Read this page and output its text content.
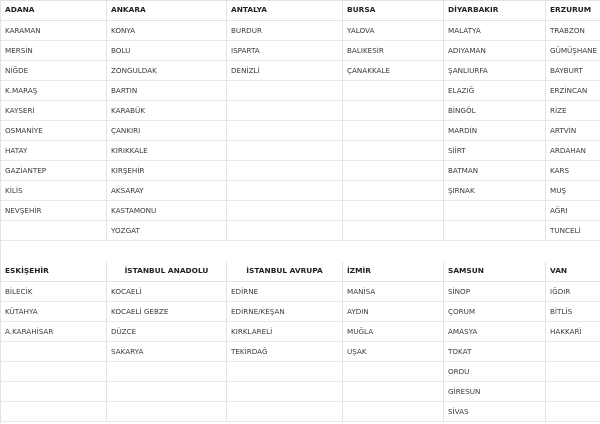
ADANA
KARAMAN
MERSİN
NİĞDE
K.MARAŞ
KAYSERİ
OSMANİYE
HATAY
GAZİANTEP
KİLİS
NEVŞEHİR
ANKARA
KONYA
BOLU
ZONGULDAK
BARTIN
KARABÜK
ÇANKIRI
KIRIKKALE
KIRŞEHİR
AKSARAY
KASTAMONU
YOZGAT
ANTALYA
BURDUR
ISPARTA
DENİZLİ
BURSA
YALOVA
BALIKESİR
ÇANAKKALE
DİYARBAKIR
MALATYA
ADIYAMAN
ŞANLIURFA
ELAZIĞ
BİNGÖL
MARDİN
SİİRT
BATMAN
ŞIRNAK
ERZURUM
TRABZON
GÜMÜŞHANE
BAYBURT
ERZİNCAN
RİZE
ARTVİN
ARDAHAN
KARS
MUŞ
AĞRI
TUNCELİ
ESKİŞEHİR
BİLECİK
KÜTAHYA
A.KARAHİSAR
İSTANBUL ANADOLU
KOCAELİ
KOCAELİ GEBZE
DÜZCE
SAKARYA
İSTANBUL AVRUPA
EDİRNE
EDİRNE/KEŞAN
KIRKLARELİ
TEKİRDAĞ
İZMİR
MANİSA
AYDIN
MUĞLA
UŞAK
SAMSUN
SİNOP
ÇORUM
AMASYA
TOKAT
ORDU
GİRESUN
SİVAS
VAN
IĞDIR
BİTLİS
HAKKARİ
